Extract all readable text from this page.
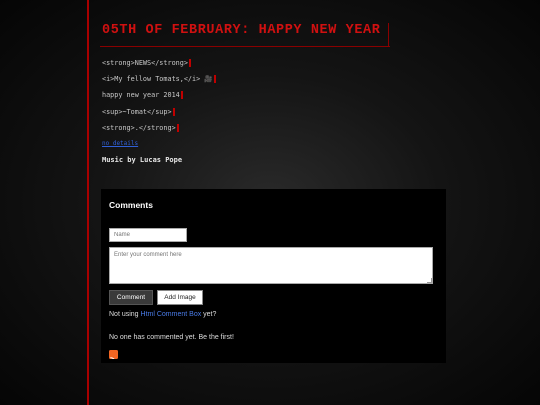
05TH OF FEBRUARY: HAPPY NEW YEAR
<strong>NEWS</strong>
<i>My fellow Tomats,</i> 🎥
happy new year 2014
<sup>~Tomat</sup>
<strong>.</strong>
no details
Music by Lucas Pope
Comments
Name
Enter your comment here
Comment	Add Image
Not using Html Comment Box yet?
No one has commented yet. Be the first!
